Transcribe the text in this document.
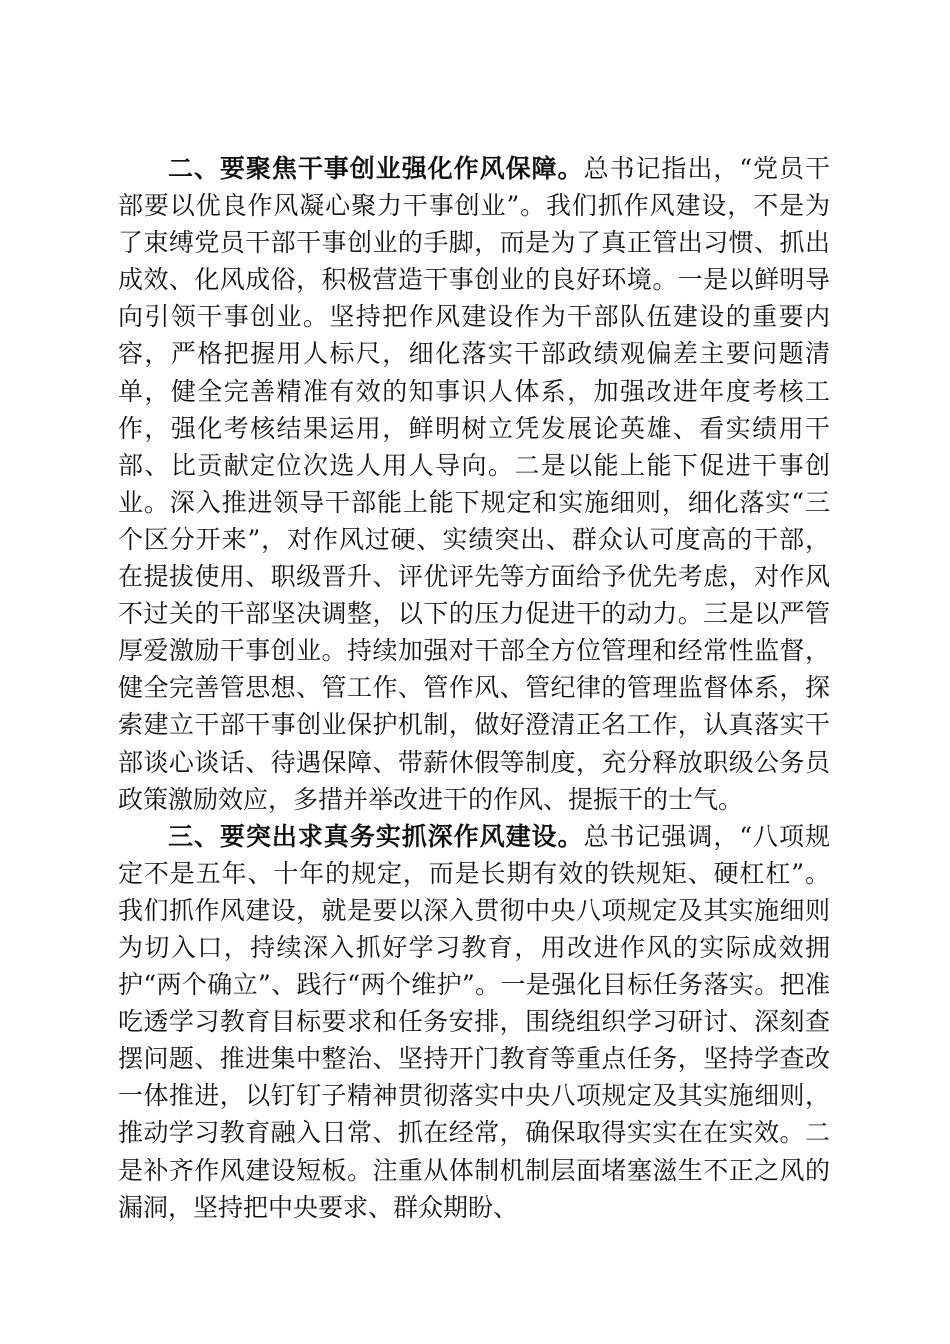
二、要聚焦干事创业强化作风保障。总书记指出，“党员干部要以优良作风凝心聚力干事创业”。我们抓作风建设，不是为了束缚党员干部干事创业的手脚，而是为了真正管出习惯、抓出成效、化风成俗，积极营造干事创业的良好环境。一是以鲜明导向引领干事创业。坚持把作风建设作为干部队伍建设的重要内容，严格把握用人标尺，细化落实干部政绩观偏差主要问题清单，健全完善精准有效的知事识人体系，加强改进年度考核工作，强化考核结果运用，鲜明树立凭发展论英雄、看实绩用干部、比贡献定位次选人用人导向。二是以能上能下促进干事创业。深入推进领导干部能上能下规定和实施细则，细化落实“三个区分开来”，对作风过硬、实绩突出、群众认可度高的干部，在提拔使用、职级晋升、评优评先等方面给予优先考虑，对作风不过关的干部坚决调整，以下的压力促进干的动力。三是以严管厚爱激励干事创业。持续加强对干部全方位管理和经常性监督，健全完善管思想、管工作、管作风、管纪律的管理监督体系，探索建立干部干事创业保护机制，做好澄清正名工作，认真落实干部谈心谈话、待遇保障、带薪休假等制度，充分释放职级公务员政策激励效应，多措并举改进干的作风、提振干的士气。

三、要突出求真务实抓深作风建设。总书记强调，“八项规定不是五年、十年的规定，而是长期有效的铁规矩、硬杠杠”。我们抓作风建设，就是要以深入贯彻中央八项规定及其实施细则为切入口，持续深入抓好学习教育，用改进作风的实际成效拥护“两个确立”、践行“两个维护”。一是强化目标任务落实。把准吃透学习教育目标要求和任务安排，围绕组织学习研讨、深刻查摆问题、推进集中整治、坚持开门教育等重点任务，坚持学查改一体推进，以钉钉子精神贯彻落实中央八项规定及其实施细则，推动学习教育融入日常、抓在经常，确保取得实实在在实效。二是补齐作风建设短板。注重从体制机制层面堵塞滋生不正之风的漏洞，坚持把中央要求、群众期盼、
